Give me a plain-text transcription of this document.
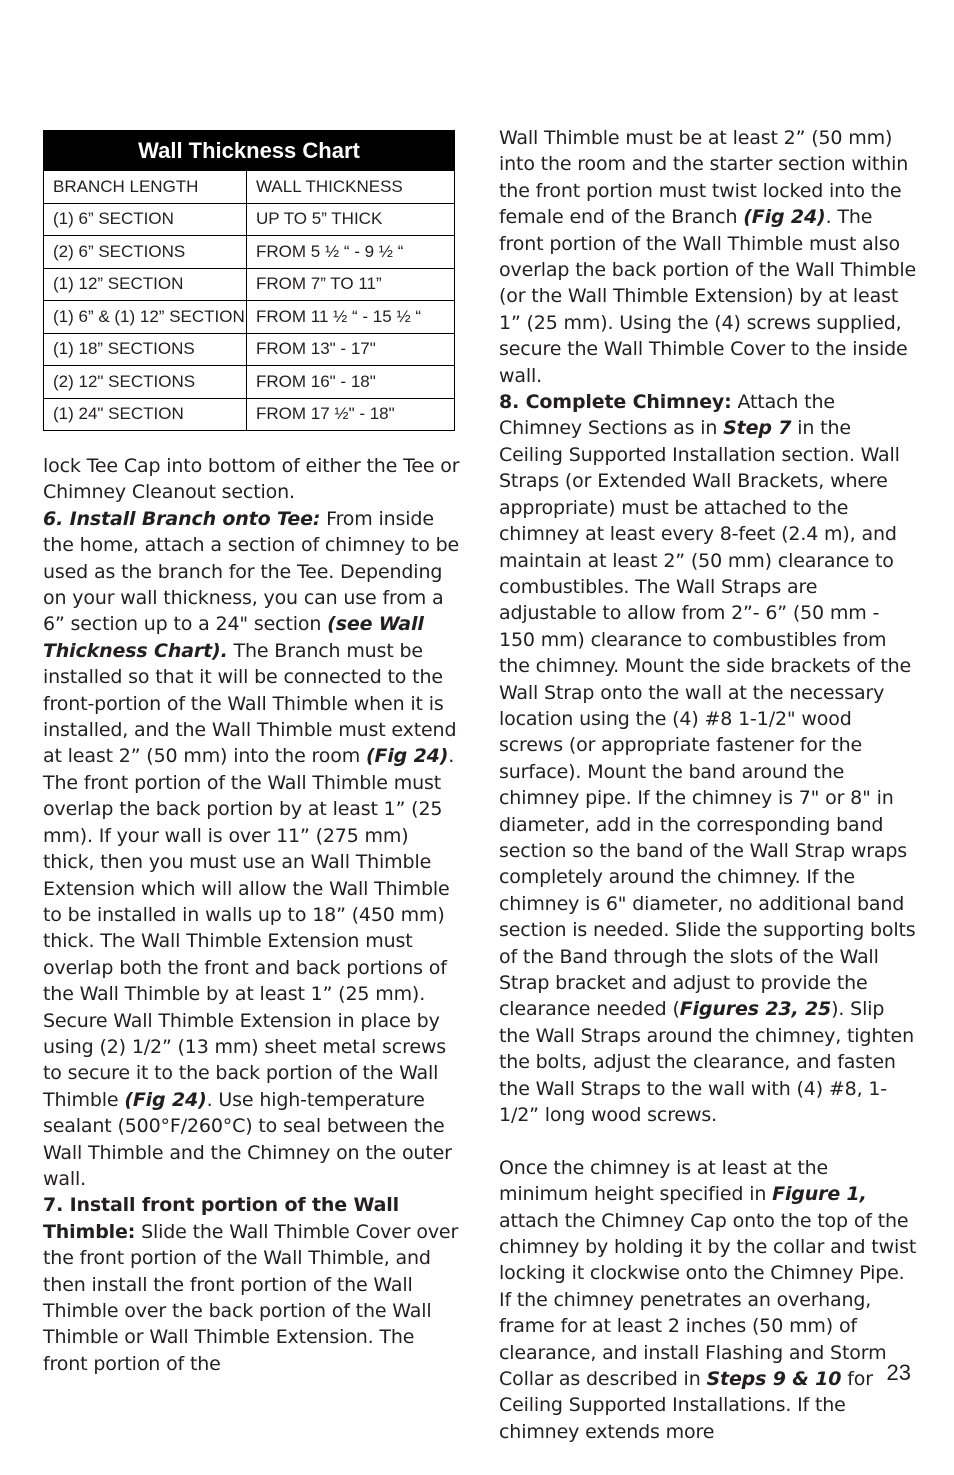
Wall Thickness Chart	
BRANCH LENGTH	WALL THICKNESS
(1) 6” SECTION	UP TO 5” THICK
(2) 6” SECTIONS	FROM 5 ½ “ - 9 ½ “
(1) 12” SECTION	FROM 7” TO 11”
(1) 6” & (1) 12” SECTION	FROM 11 ½ “ - 15 ½ “
(1) 18” SECTIONS	FROM 13" - 17"
(2) 12" SECTIONS	FROM 16" - 18"
(1) 24" SECTION	FROM 17 ½" - 18"

lock Tee Cap into bottom of either the Tee or Chimney Cleanout section.

6. Install Branch onto Tee: From inside the home, attach a section of chimney to be used as the branch for the Tee. Depending on your wall thickness, you can use from a 6” section up to a 24" section (see Wall Thickness Chart). The Branch must be installed so that it will be connected to the front-portion of the Wall Thimble when it is installed, and the Wall Thimble must extend at least 2” (50 mm) into the room (Fig 24). The front portion of the Wall Thimble must overlap the back portion by at least 1” (25 mm). If your wall is over 11” (275 mm) thick, then you must use an Wall Thimble Extension which will allow the Wall Thimble to be installed in walls up to 18” (450 mm) thick. The Wall Thimble Extension must overlap both the front and back portions of the Wall Thimble by at least 1” (25 mm). Secure Wall Thimble Extension in place by using (2) 1/2” (13 mm) sheet metal screws to secure it to the back portion of the Wall Thimble (Fig 24). Use high-temperature sealant (500°F/260°C) to seal between the Wall Thimble and the Chimney on the outer wall.

7. Install front portion of the Wall Thimble: Slide the Wall Thimble Cover over the front portion of the Wall Thimble, and then install the front portion of the Wall Thimble over the back portion of the Wall Thimble or Wall Thimble Extension. The front portion of the

Wall Thimble must be at least 2” (50 mm) into the room and the starter section within the front portion must twist locked into the female end of the Branch (Fig 24). The front portion of the Wall Thimble must also overlap the back portion of the Wall Thimble (or the Wall Thimble Extension) by at least 1” (25 mm). Using the (4) screws supplied, secure the Wall Thimble Cover to the inside wall.

8. Complete Chimney: Attach the Chimney Sections as in Step 7 in the Ceiling Supported Installation section. Wall Straps (or Extended Wall Brackets, where appropriate) must be attached to the chimney at least every 8-feet (2.4 m), and maintain at least 2” (50 mm) clearance to combustibles. The Wall Straps are adjustable to allow from 2”- 6” (50 mm - 150 mm) clearance to combustibles from the chimney. Mount the side brackets of the Wall Strap onto the wall at the necessary location using the (4) #8 1-1/2" wood screws (or appropriate fastener for the surface). Mount the band around the chimney pipe. If the chimney is 7" or 8" in diameter, add in the corresponding band section so the band of the Wall Strap wraps completely around the chimney. If the chimney is 6" diameter, no additional band section is needed. Slide the supporting bolts of the Band through the slots of the Wall Strap bracket and adjust to provide the clearance needed (Figures 23, 25). Slip the Wall Straps around the chimney, tighten the bolts, adjust the clearance, and fasten the Wall Straps to the wall with (4) #8, 1-1/2” long wood screws.

Once the chimney is at least at the minimum height specified in Figure 1, attach the Chimney Cap onto the top of the chimney by holding it by the collar and twist locking it clockwise onto the Chimney Pipe. If the chimney penetrates an overhang, frame for at least 2 inches (50 mm) of clearance, and install Flashing and Storm Collar as described in Steps 9 & 10 for Ceiling Supported Installations. If the chimney extends more

23
